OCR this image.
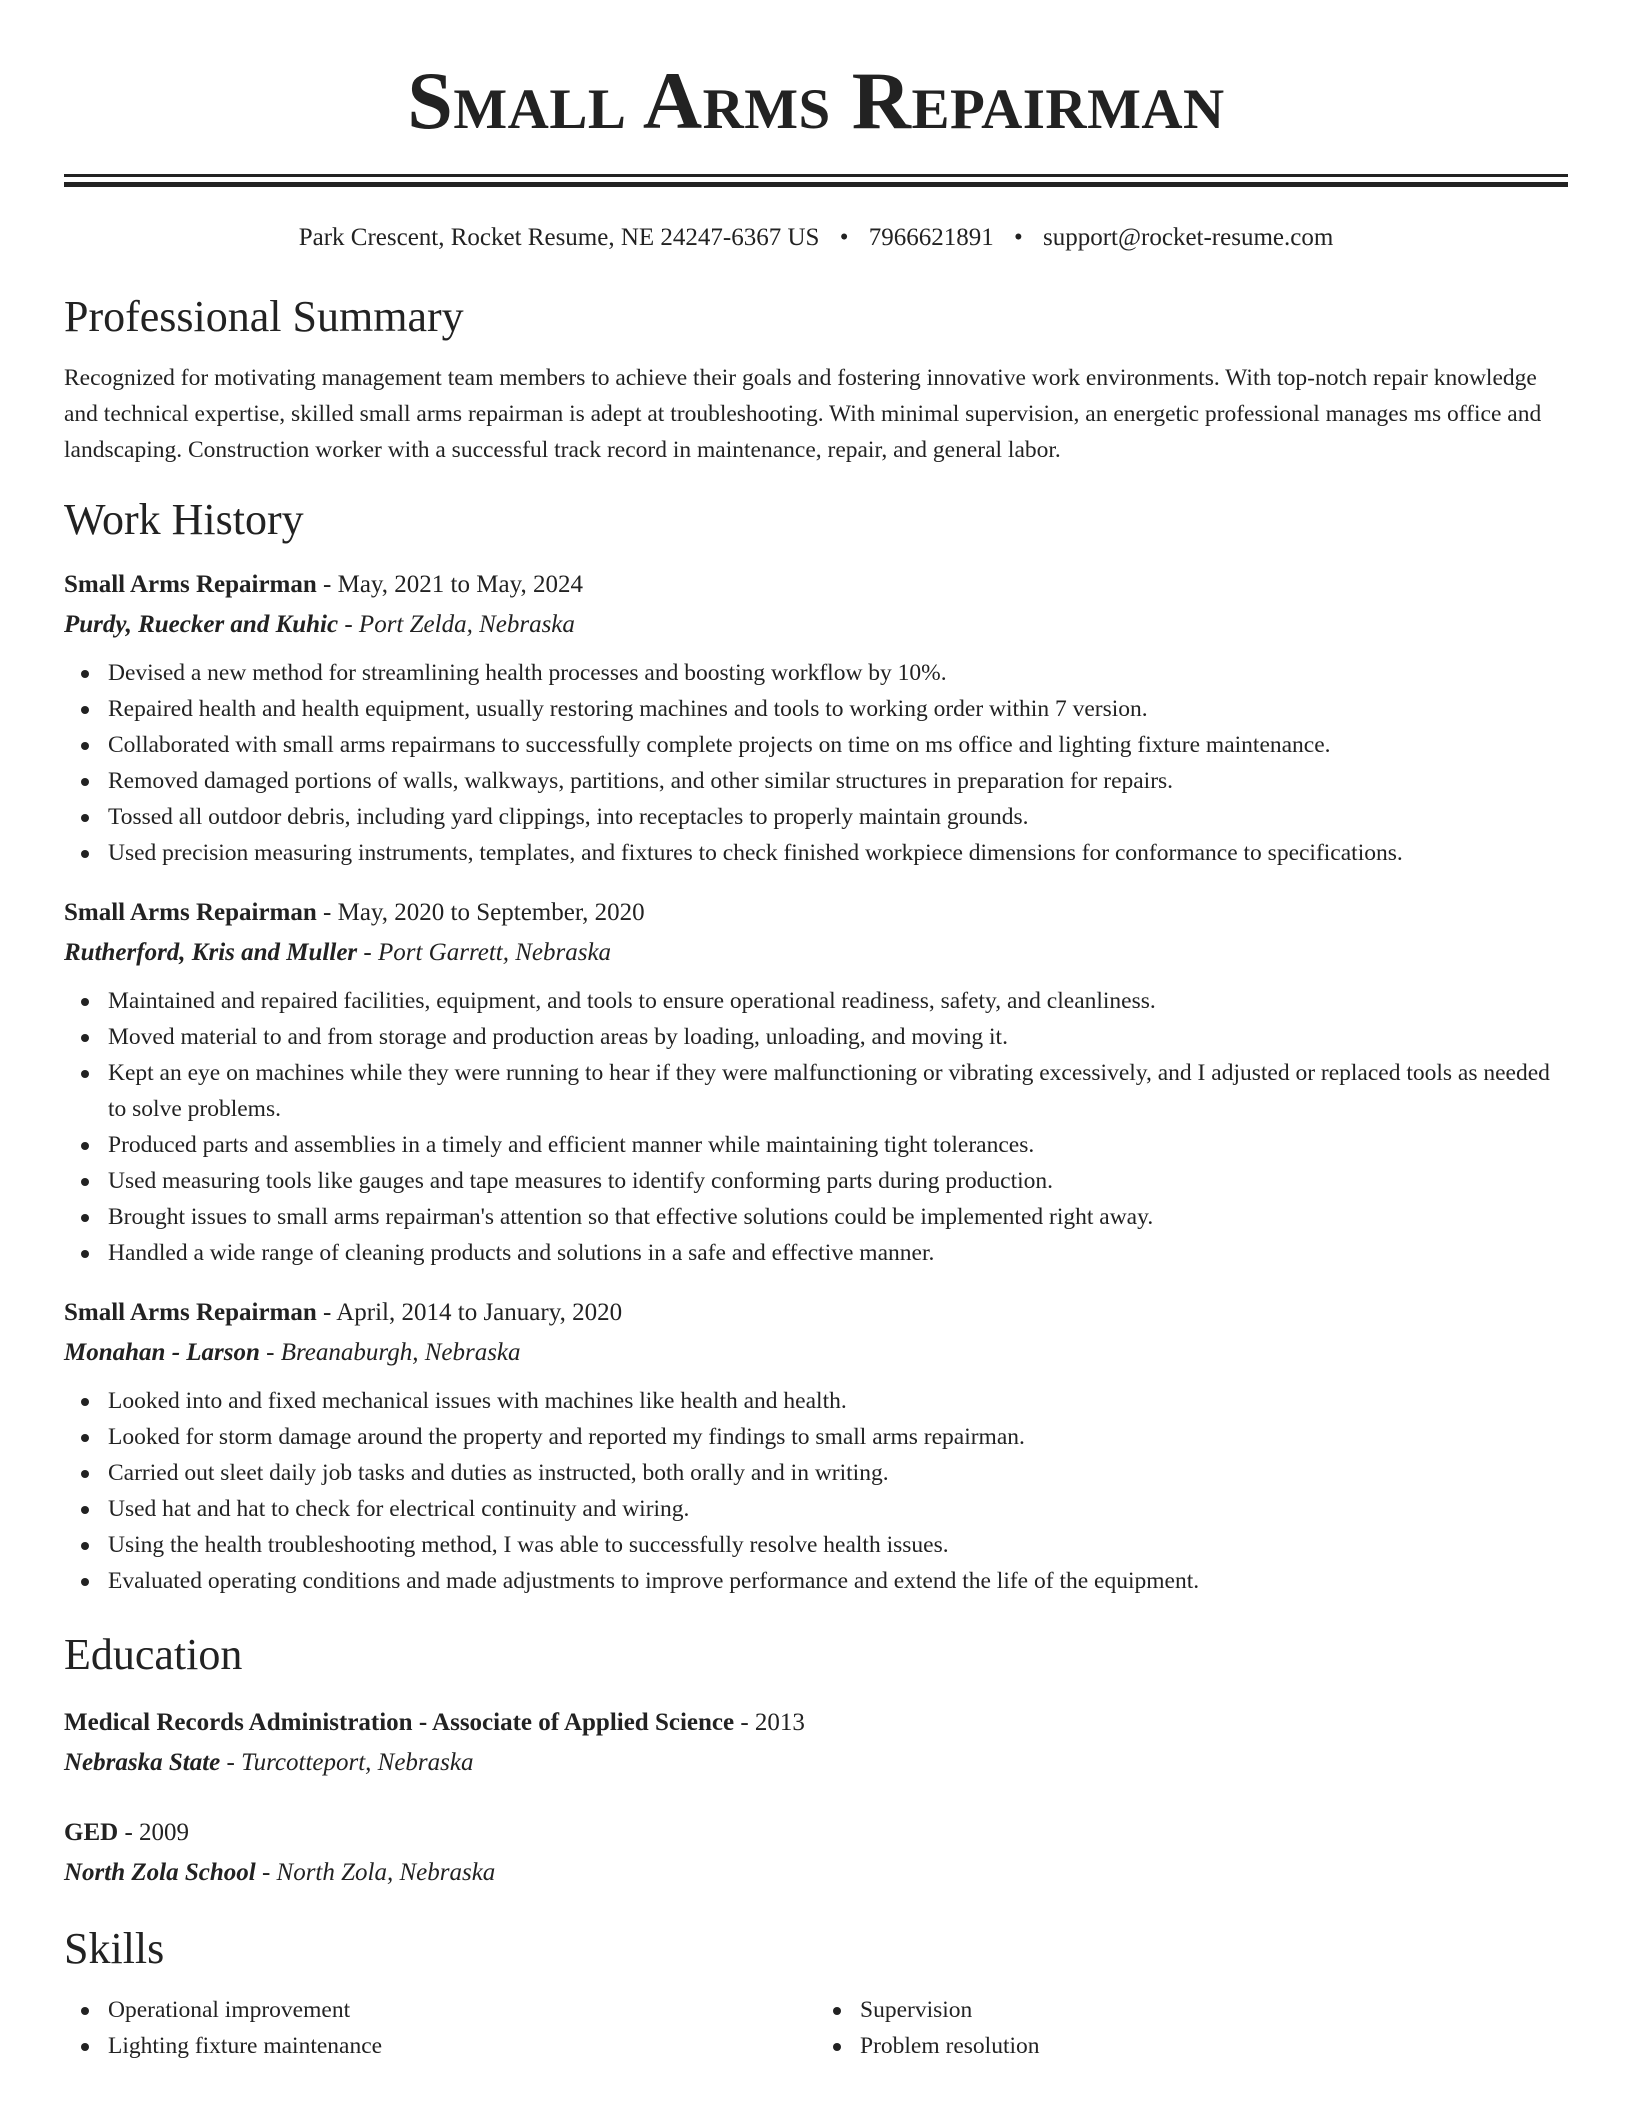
Small Arms Repairman
Park Crescent, Rocket Resume, NE 24247-6367 US • 7966621891 • support@rocket-resume.com
Professional Summary

Recognized for motivating management team members to achieve their goals and fostering innovative work environments. With top-notch repair knowledge and technical expertise, skilled small arms repairman is adept at troubleshooting. With minimal supervision, an energetic professional manages ms office and landscaping. Construction worker with a successful track record in maintenance, repair, and general labor.

Work History
Small Arms Repairman - May, 2021 to May, 2024
Purdy, Ruecker and Kuhic - Port Zelda, Nebraska
Devised a new method for streamlining health processes and boosting workflow by 10%.
Repaired health and health equipment, usually restoring machines and tools to working order within 7 version.
Collaborated with small arms repairmans to successfully complete projects on time on ms office and lighting fixture maintenance.
Removed damaged portions of walls, walkways, partitions, and other similar structures in preparation for repairs.
Tossed all outdoor debris, including yard clippings, into receptacles to properly maintain grounds.
Used precision measuring instruments, templates, and fixtures to check finished workpiece dimensions for conformance to specifications.
Small Arms Repairman - May, 2020 to September, 2020
Rutherford, Kris and Muller - Port Garrett, Nebraska
Maintained and repaired facilities, equipment, and tools to ensure operational readiness, safety, and cleanliness.
Moved material to and from storage and production areas by loading, unloading, and moving it.
Kept an eye on machines while they were running to hear if they were malfunctioning or vibrating excessively, and I adjusted or replaced tools as needed to solve problems.
Produced parts and assemblies in a timely and efficient manner while maintaining tight tolerances.
Used measuring tools like gauges and tape measures to identify conforming parts during production.
Brought issues to small arms repairman's attention so that effective solutions could be implemented right away.
Handled a wide range of cleaning products and solutions in a safe and effective manner.
Small Arms Repairman - April, 2014 to January, 2020
Monahan - Larson - Breanaburgh, Nebraska
Looked into and fixed mechanical issues with machines like health and health.
Looked for storm damage around the property and reported my findings to small arms repairman.
Carried out sleet daily job tasks and duties as instructed, both orally and in writing.
Used hat and hat to check for electrical continuity and wiring.
Using the health troubleshooting method, I was able to successfully resolve health issues.
Evaluated operating conditions and made adjustments to improve performance and extend the life of the equipment.
Education
Medical Records Administration - Associate of Applied Science - 2013
Nebraska State - Turcotteport, Nebraska
GED - 2009
North Zola School - North Zola, Nebraska
Skills
Operational improvement
Lighting fixture maintenance
Supervision
Problem resolution
